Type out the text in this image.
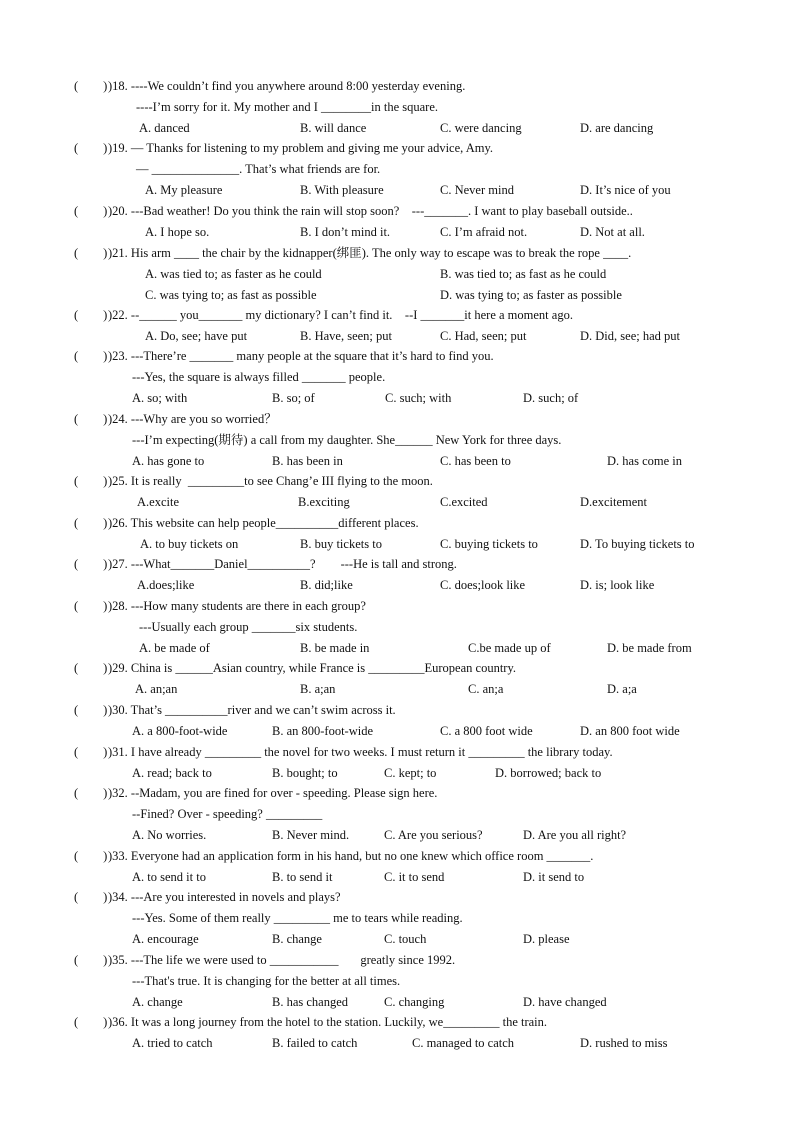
(        ) )18. ----We couldn’t find you anywhere around 8:00 yesterday evening.
----I’m sorry for it. My mother and I ________in the square.
A. danced	B. will dance	C. were dancing	D. are dancing
(        ) )19. — Thanks for listening to my problem and giving me your advice, Amy.
— ______________. That’s what friends are for.
A. My pleasure	B. With pleasure	C. Never mind	D. It’s nice of you
(        ) )20. ---Bad weather! Do you think the rain will stop soon?    ---_______. I want to play baseball outside..
A. I hope so.	B. I don’t mind it.	C. I’m afraid not.	D. Not at all.
(        ) )21. His arm ____ the chair by the kidnapper(绑匪). The only way to escape was to break the rope ____.
A. was tied to; as faster as he could	B. was tied to; as fast as he could
C. was tying to; as fast as possible	D. was tying to; as faster as possible
(        ) )22. --______ you_______ my dictionary? I can’t find it.    --I _______it here a moment ago.
A. Do, see; have put	B. Have, seen; put	C. Had, seen; put	D. Did, see; had put
(        ) )23. ---There’re _______ many people at the square that it’s hard to find you.
---Yes, the square is always filled _______ people.
A. so; with	B. so; of	C. such; with	D. such; of
(        ) )24. ---Why are you so worried？
---I’m expecting(期待) a call from my daughter. She______ New York for three days.
A. has gone to	B. has been in	C. has been to	D. has come in
(        ) )25. It is really  _________to see Chang’e III flying to the moon.
A.excite	B.exciting	C.excited	D.excitement
(        ) )26. This website can help people__________different places.
A. to buy tickets on	B. buy tickets to	C. buying tickets to	D. To buying tickets to
(        ) )27. ---What_______Daniel__________?        ---He is tall and strong.
A.does;like	B. did;like	C. does;look like	D. is; look like
(        ) )28. ---How many students are there in each group?
---Usually each group _______six students.
A. be made of	B. be made in	C.be made up of	D. be made from
(        ) )29. China is ______Asian country, while France is _________European country.
A. an;an	B. a;an	C. an;a	D. a;a
(        ) )30. That’s __________river and we can’t swim across it.
A. a 800-foot-wide	B. an 800-foot-wide	C. a 800 foot wide	D. an 800 foot wide
(        ) )31. I have already _________ the novel for two weeks. I must return it _________ the library today.
A. read; back to	B. bought; to	C. kept; to	D. borrowed; back to
(        ) )32. --Madam, you are fined for over - speeding. Please sign here.
--Fined? Over - speeding? _________
A. No worries.	B. Never mind.	C. Are you serious?	D. Are you all right?
(        ) )33. Everyone had an application form in his hand, but no one knew which office room _______.
A. to send it to	B. to send it	C. it to send	D. it send to
(        ) )34. ---Are you interested in novels and plays?
---Yes. Some of them really _________ me to tears while reading.
A. encourage	B. change	C. touch	D. please
(        ) )35. ---The life we were used to ___________       greatly since 1992.
---That's true. It is changing for the better at all times.
A. change	B. has changed	C. changing	D. have changed
(        ) )36. It was a long journey from the hotel to the station. Luckily, we_________ the train.
A. tried to catch	B. failed to catch	C. managed to catch	D. rushed to miss
